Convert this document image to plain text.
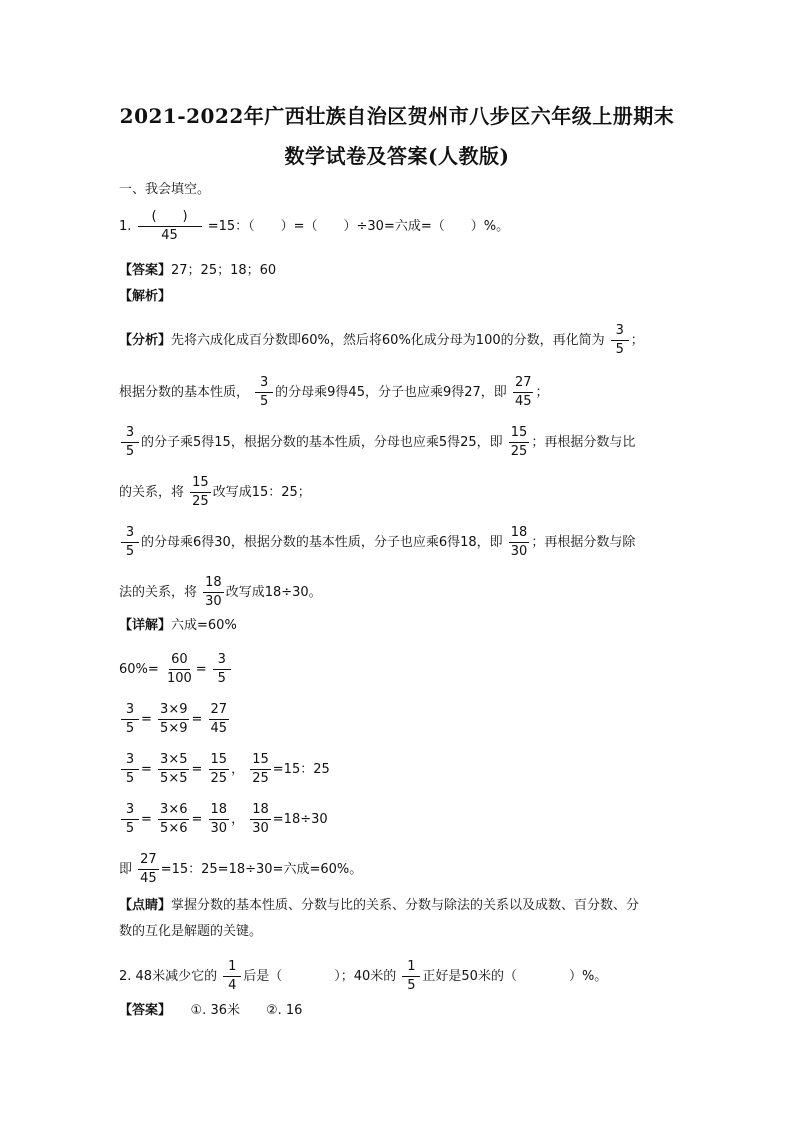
2021-2022年广西壮族自治区贺州市八步区六年级上册期末
数学试卷及答案(人教版)
一、我会填空。
1. $\frac{( )}{45} =15$：（　　）=（　　）÷30=六成=（　　）%。
【答案】27；25；18；60
【解析】
【分析】先将六成化成百分数即60%，然后将60%化成分母为100的分数，再化简为 $\frac{3}{5}$ ；
根据分数的基本性质， $\frac{3}{5}$ 的分母乘9得45，分子也应乘9得27，即 $\frac{27}{45}$ ；
$\frac{3}{5}$ 的分子乘5得15，根据分数的基本性质，分母也应乘5得25，即 $\frac{15}{25}$ ；再根据分数与比
的关系，将 $\frac{15}{25}$ 改写成15：25；
$\frac{3}{5}$ 的分母乘6得30，根据分数的基本性质，分子也应乘6得18，即 $\frac{18}{30}$ ；再根据分数与除
法的关系，将 $\frac{18}{30}$ 改写成18÷30。
【详解】六成=60%
$60\%= \frac{60}{100} = \frac{3}{5}$
$\frac{3}{5} = \frac{3\times 9}{5\times 9} = \frac{27}{45}$
$\frac{3}{5} = \frac{3\times 5}{5\times 5} = \frac{15}{25}$ ， $\frac{15}{25} =15$：25
$\frac{3}{5} = \frac{3\times 6}{5\times 6} = \frac{18}{30}$ ， $\frac{18}{30} =18\div 30$
即 $\frac{27}{45} =15$：25=18÷30=六成=60%。
【点睛】掌握分数的基本性质、分数与比的关系、分数与除法的关系以及成数、百分数、分
数的互化是解题的关键。
2. 48米减少它的 $\frac{1}{4}$ 后是（　　　　）；40米的 $\frac{1}{5}$ 正好是50米的（　　　　）%。
【答案】　　 ①. 36米　　②. 16
